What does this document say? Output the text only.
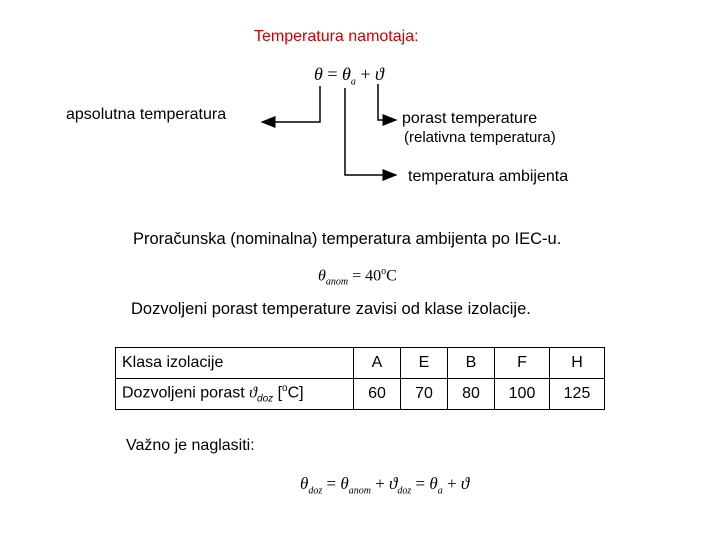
Temperatura namotaja:
$\theta = \theta_a + ϑ$
apsolutna temperatura	porast temperature
(relativna temperatura)
temperatura ambijenta
Proračunska (nominalna) temperatura ambijenta po IEC-u.
$\theta_{anom} = 40^oC$
Dozvoljeni porast temperature zavisi od klase izolacije.
Klasa izolacije	A	E	B	F	H
Dozvoljeni porast $ϑ_{doz}$ [$^o$C]	60	70	80	100	125
Važno je naglasiti:
$\theta_{doz} = \theta_{anom} + ϑ_{doz} = \theta_a + ϑ$
